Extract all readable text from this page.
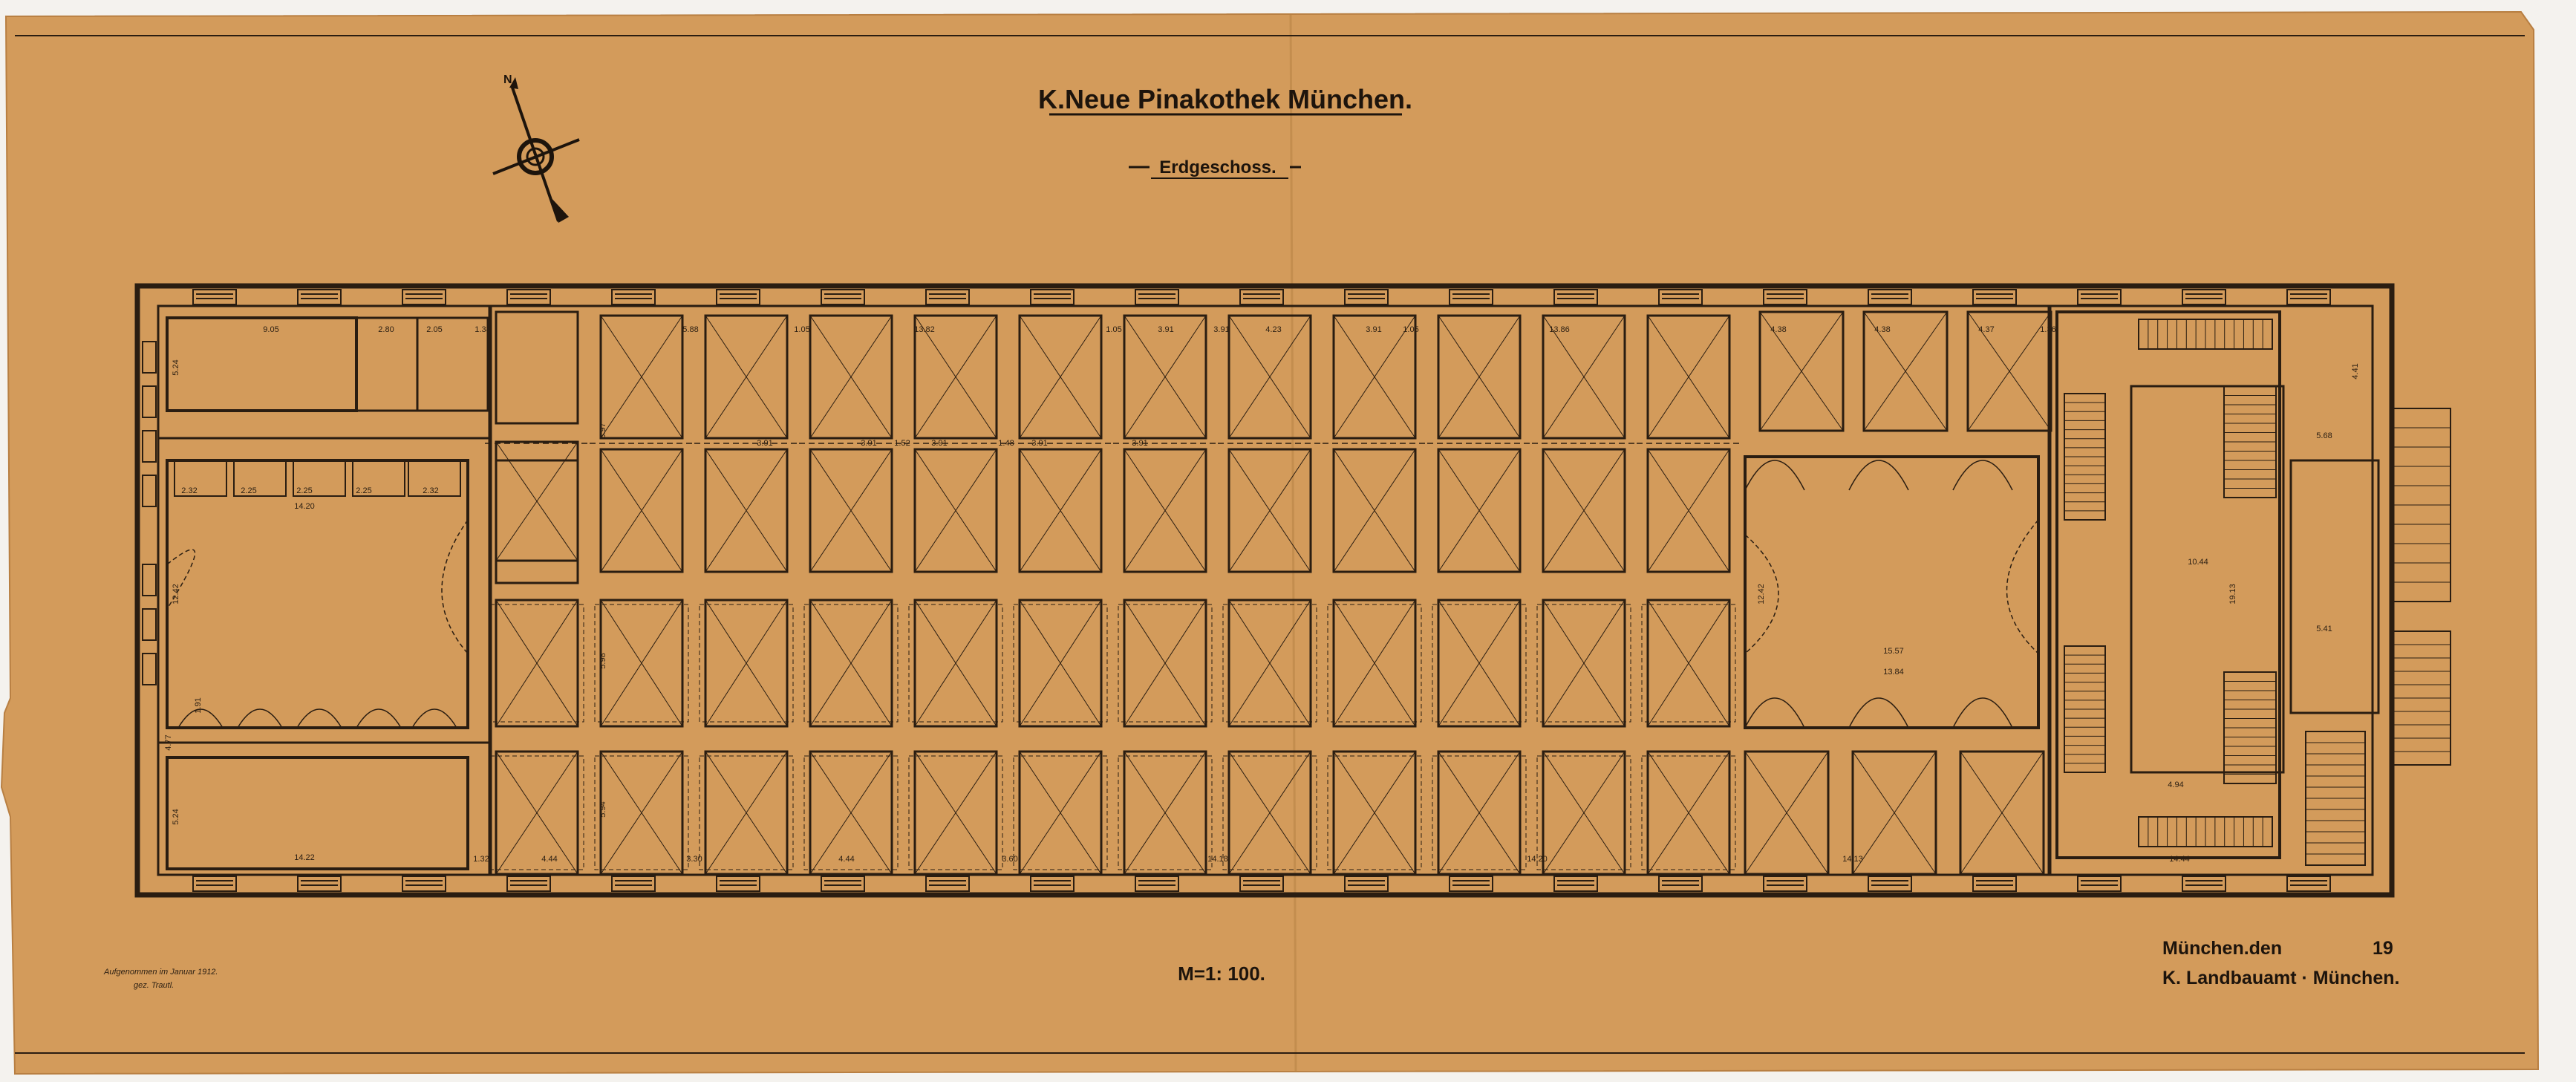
K.Neue Pinakothek München.
Erdgeschoss.
N
9.05	2.80	2.05	1.38	5.88	1.05	13.82	1.05	3.91	3.91	4.23	3.91	1.05	13.86	4.38	4.38	4.37	1.36
3.91	3.91 1.52	3.91	1.48 3.91	3.91
2.32	2.25	2.25	2.25	2.32
1.32	4.44	3.30	4.44	3.60	14.18	14.20	14.13	14.44
3.97
5.98
5.94
4.77
1.91
14.20
12.42
5.24
5.24
14.22
13.84
12.42
15.57
10.44
19.13
4.94
5.41
5.68
4.41
Aufgenommen im Januar 1912.
gez. Trautl.
M=1: 100.
München.den	19
K. Landbauamt · München.
